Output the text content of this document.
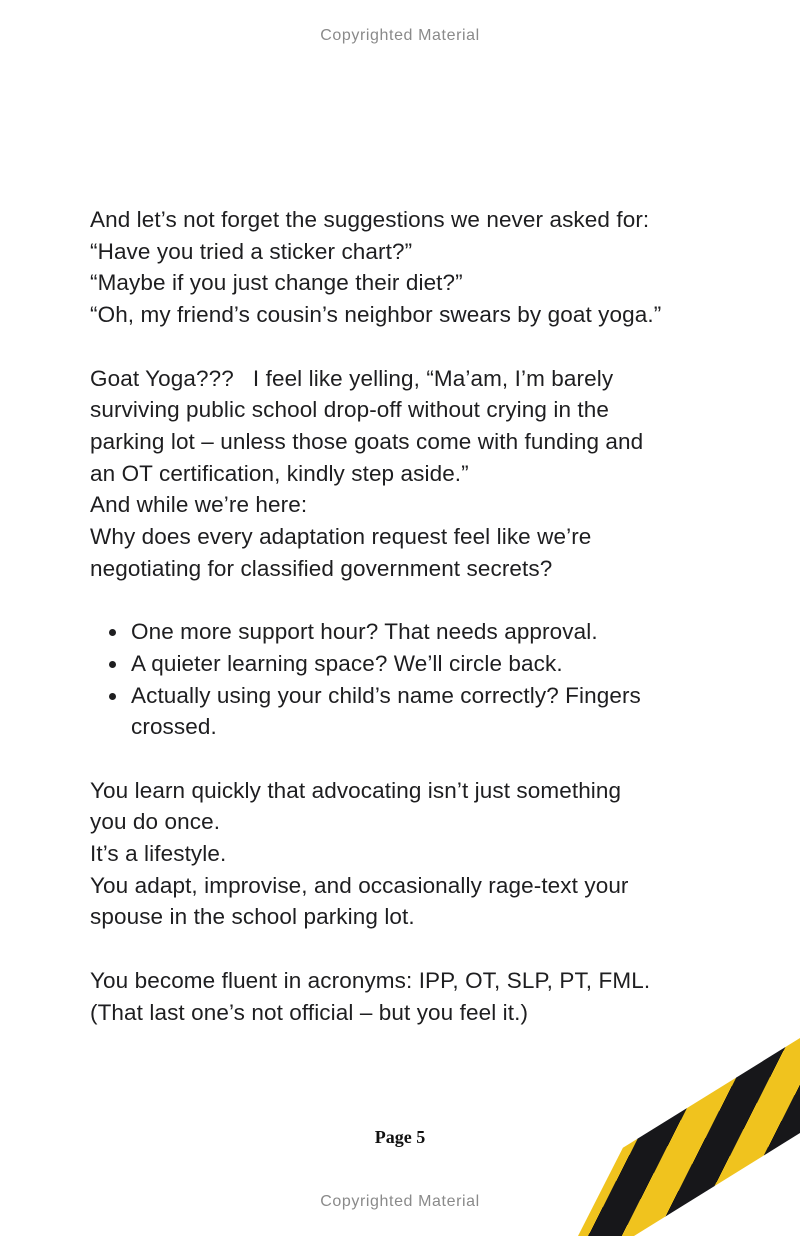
Copyrighted Material
And let’s not forget the suggestions we never asked for:
“Have you tried a sticker chart?”
“Maybe if you just change their diet?”
“Oh, my friend’s cousin’s neighbor swears by goat yoga.”
Goat Yoga???   I feel like yelling, “Ma’am, I’m barely
surviving public school drop-off without crying in the
parking lot – unless those goats come with funding and
an OT certification, kindly step aside.”
And while we’re here:
Why does every adaptation request feel like we’re
negotiating for classified government secrets?
One more support hour? That needs approval.
A quieter learning space? We’ll circle back.
Actually using your child’s name correctly? Fingers
crossed.
You learn quickly that advocating isn’t just something
you do once.
It’s a lifestyle.
You adapt, improvise, and occasionally rage-text your
spouse in the school parking lot.
You become fluent in acronyms: IPP, OT, SLP, PT, FML.
(That last one’s not official – but you feel it.)
Page 5
Copyrighted Material
